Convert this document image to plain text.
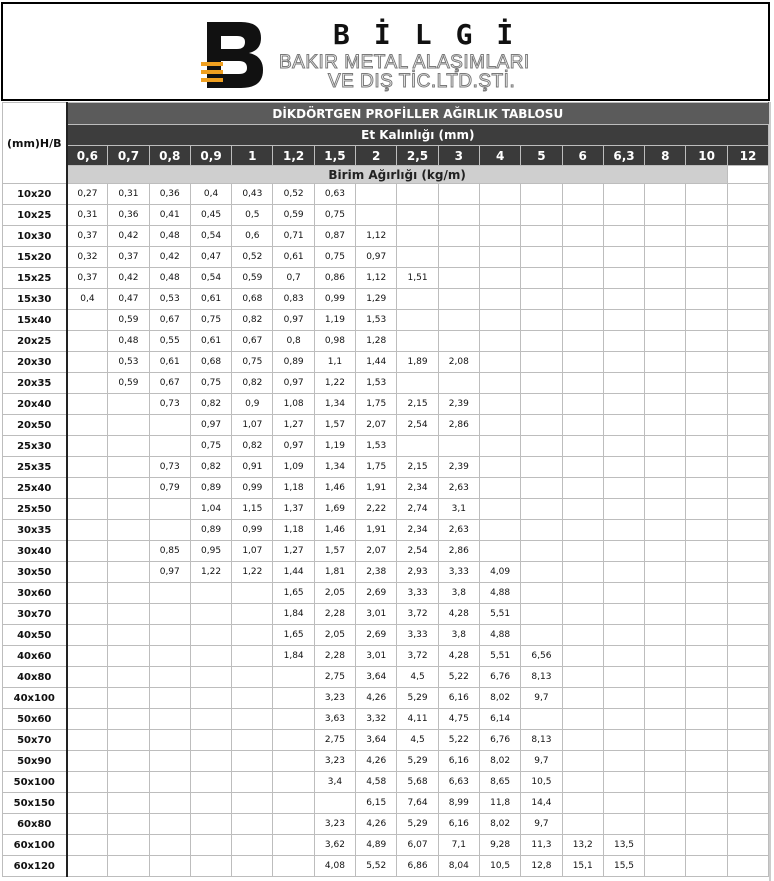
BİLGİ
BAKIR METAL ALAŞIMLARI
VE DIŞ TİC.LTD.ŞTİ.
(mm)H/B	DİKDÖRTGEN PROFİLLER AĞIRLIK TABLOSU																
	Et Kalınlığı (mm)																
	0,6	0,7	0,8	0,9	1	1,2	1,5	2	2,5	3	4	5	6	6,3	8	10	12
	Birim Ağırlığı (kg/m)																
10x20	0,27	0,31	0,36	0,4	0,43	0,52	0,63										
10x25	0,31	0,36	0,41	0,45	0,5	0,59	0,75										
10x30	0,37	0,42	0,48	0,54	0,6	0,71	0,87	1,12									
15x20	0,32	0,37	0,42	0,47	0,52	0,61	0,75	0,97									
15x25	0,37	0,42	0,48	0,54	0,59	0,7	0,86	1,12	1,51								
15x30	0,4	0,47	0,53	0,61	0,68	0,83	0,99	1,29									
15x40		0,59	0,67	0,75	0,82	0,97	1,19	1,53									
20x25		0,48	0,55	0,61	0,67	0,8	0,98	1,28									
20x30		0,53	0,61	0,68	0,75	0,89	1,1	1,44	1,89	2,08							
20x35		0,59	0,67	0,75	0,82	0,97	1,22	1,53									
20x40			0,73	0,82	0,9	1,08	1,34	1,75	2,15	2,39							
20x50				0,97	1,07	1,27	1,57	2,07	2,54	2,86							
25x30				0,75	0,82	0,97	1,19	1,53									
25x35			0,73	0,82	0,91	1,09	1,34	1,75	2,15	2,39							
25x40			0,79	0,89	0,99	1,18	1,46	1,91	2,34	2,63							
25x50				1,04	1,15	1,37	1,69	2,22	2,74	3,1							
30x35				0,89	0,99	1,18	1,46	1,91	2,34	2,63							
30x40			0,85	0,95	1,07	1,27	1,57	2,07	2,54	2,86							
30x50			0,97	1,22	1,22	1,44	1,81	2,38	2,93	3,33	4,09						
30x60						1,65	2,05	2,69	3,33	3,8	4,88						
30x70						1,84	2,28	3,01	3,72	4,28	5,51						
40x50						1,65	2,05	2,69	3,33	3,8	4,88						
40x60						1,84	2,28	3,01	3,72	4,28	5,51	6,56					
40x80							2,75	3,64	4,5	5,22	6,76	8,13					
40x100							3,23	4,26	5,29	6,16	8,02	9,7					
50x60							3,63	3,32	4,11	4,75	6,14						
50x70							2,75	3,64	4,5	5,22	6,76	8,13					
50x90							3,23	4,26	5,29	6,16	8,02	9,7					
50x100							3,4	4,58	5,68	6,63	8,65	10,5					
50x150								6,15	7,64	8,99	11,8	14,4					
60x80							3,23	4,26	5,29	6,16	8,02	9,7					
60x100							3,62	4,89	6,07	7,1	9,28	11,3	13,2	13,5			
60x120							4,08	5,52	6,86	8,04	10,5	12,8	15,1	15,5			
